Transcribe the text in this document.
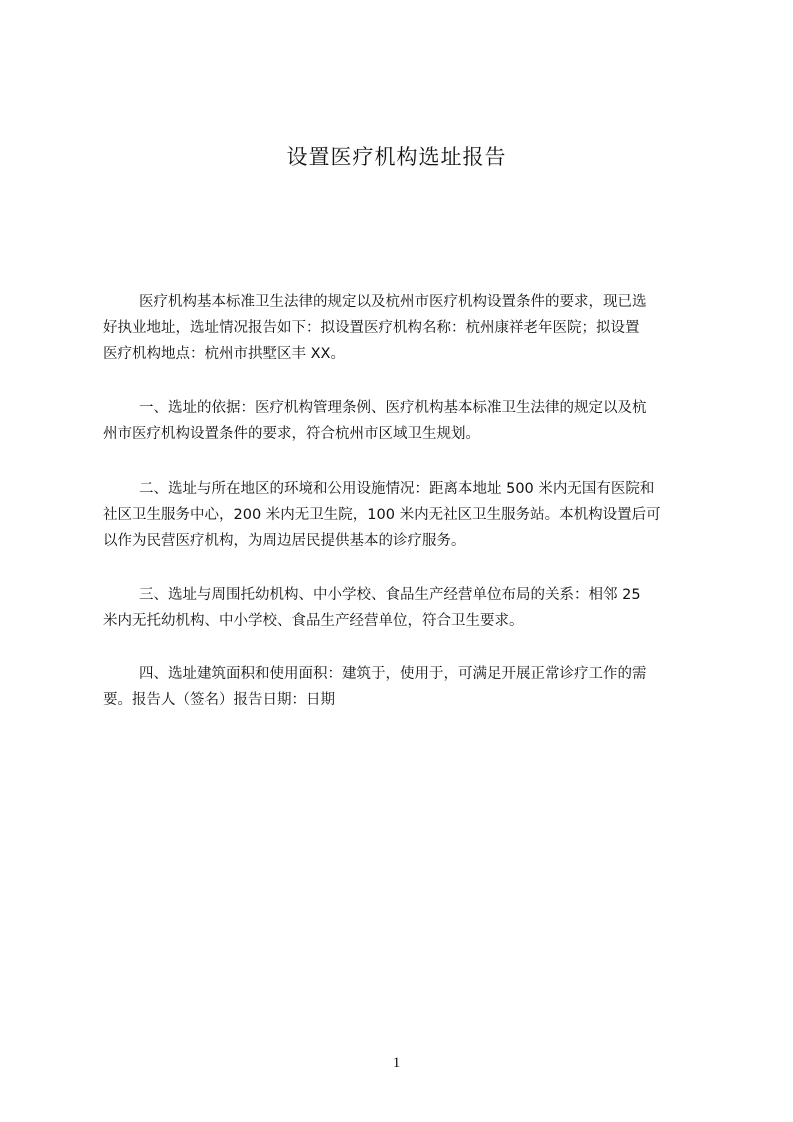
设置医疗机构选址报告
医疗机构基本标准卫生法律的规定以及杭州市医疗机构设置条件的要求，现已选
好执业地址，选址情况报告如下：拟设置医疗机构名称：杭州康祥老年医院；拟设置
医疗机构地点：杭州市拱墅区丰 XX。
一、选址的依据：医疗机构管理条例、医疗机构基本标准卫生法律的规定以及杭
州市医疗机构设置条件的要求，符合杭州市区域卫生规划。
二、选址与所在地区的环境和公用设施情况：距离本地址 500 米内无国有医院和
社区卫生服务中心，200 米内无卫生院，100 米内无社区卫生服务站。本机构设置后可
以作为民营医疗机构，为周边居民提供基本的诊疗服务。
三、选址与周围托幼机构、中小学校、食品生产经营单位布局的关系：相邻 25
米内无托幼机构、中小学校、食品生产经营单位，符合卫生要求。
四、选址建筑面积和使用面积：建筑于，使用于，可满足开展正常诊疗工作的需
要。报告人（签名）报告日期：日期
1
